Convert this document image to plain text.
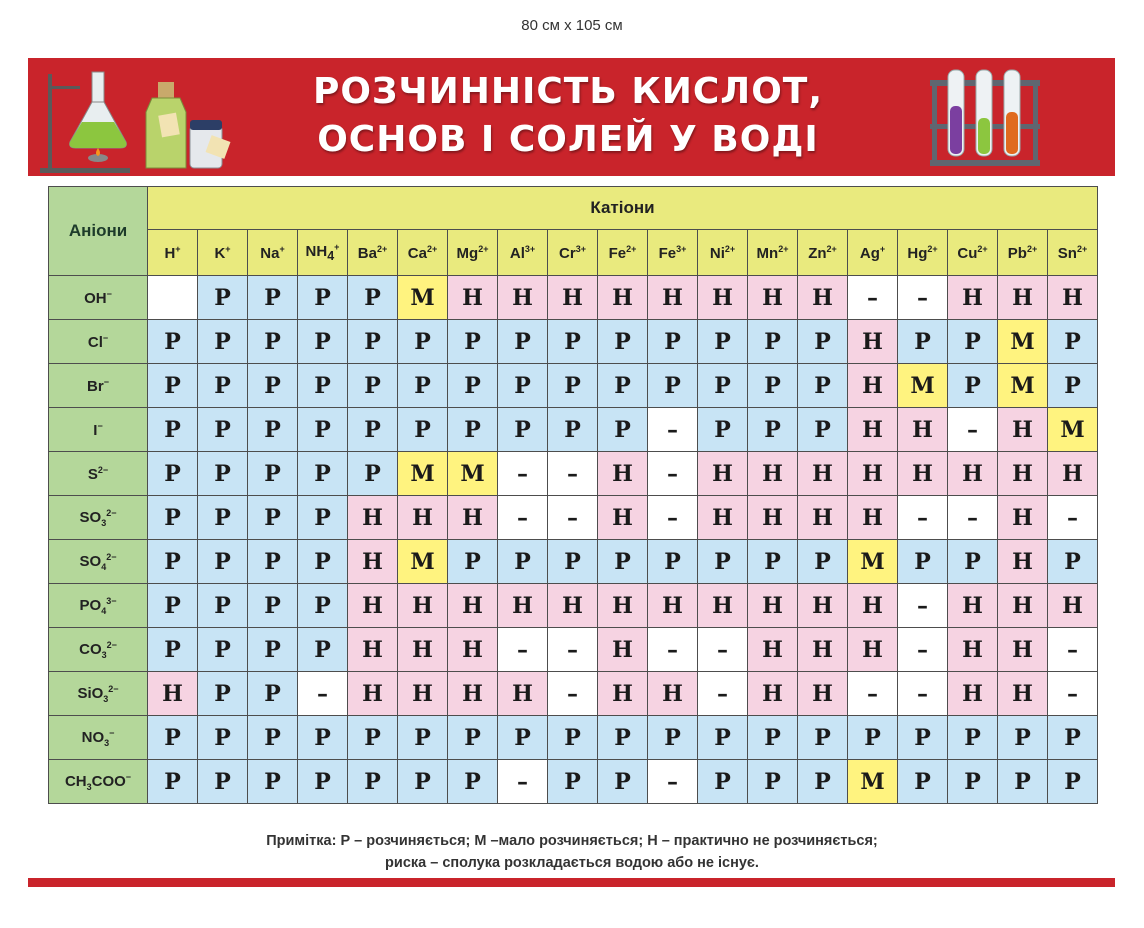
80 см x 105 см
РОЗЧИННІСТЬ КИСЛОТ,
ОСНОВ І СОЛЕЙ У ВОДІ
Аніони	Катіони																		
	H+	K+	Na+	$NH_4^+$	$Ba^{2+}$	$Ca^{2+}$	$Mg^{2+}$	$Al^{3+}$	$Cr^{3+}$	$Fe^{2+}$	$Fe^{3+}$	$Ni^{2+}$	$Mn^{2+}$	$Zn^{2+}$	Ag+	$Hg^{2+}$	$Cu^{2+}$	$Pb^{2+}$	$Sn^{2+}$
OH−		Р	Р	Р	Р	М	Н	Н	Н	Н	Н	Н	Н	Н	–	–	Н	Н	Н
Cl−	Р	Р	Р	Р	Р	Р	Р	Р	Р	Р	Р	Р	Р	Р	Н	Р	Р	М	Р
Br−	Р	Р	Р	Р	Р	Р	Р	Р	Р	Р	Р	Р	Р	Р	Н	М	Р	М	Р
I−	Р	Р	Р	Р	Р	Р	Р	Р	Р	Р	–	Р	Р	Р	Н	Н	–	Н	М
$S^{2-}$	Р	Р	Р	Р	Р	М	М	–	–	Н	–	Н	Н	Н	Н	Н	Н	Н	Н
$SO_3^{2-}$	Р	Р	Р	Р	Н	Н	Н	–	–	Н	–	Н	Н	Н	Н	–	–	Н	–
$SO_4^{2-}$	Р	Р	Р	Р	Н	М	Р	Р	Р	Р	Р	Р	Р	Р	М	Р	Р	Н	Р
$PO_4^{3-}$	Р	Р	Р	Р	Н	Н	Н	Н	Н	Н	Н	Н	Н	Н	Н	–	Н	Н	Н
$CO_3^{2-}$	Р	Р	Р	Р	Н	Н	Н	–	–	Н	–	–	Н	Н	Н	–	Н	Н	–
SiO$_3^{2-}$	Н	Р	Р	–	Н	Н	Н	Н	–	Н	Н	–	Н	Н	–	–	Н	Н	–
$NO_3^-$	Р	Р	Р	Р	Р	Р	Р	Р	Р	Р	Р	Р	Р	Р	Р	Р	Р	Р	Р
$CH_3COO^-$	Р	Р	Р	Р	Р	Р	Р	–	Р	Р	–	Р	Р	Р	М	Р	Р	Р	Р
Примітка: Р – розчиняється; М –мало розчиняється; Н – практично не розчиняється;
риска – сполука розкладається водою або не існує.
